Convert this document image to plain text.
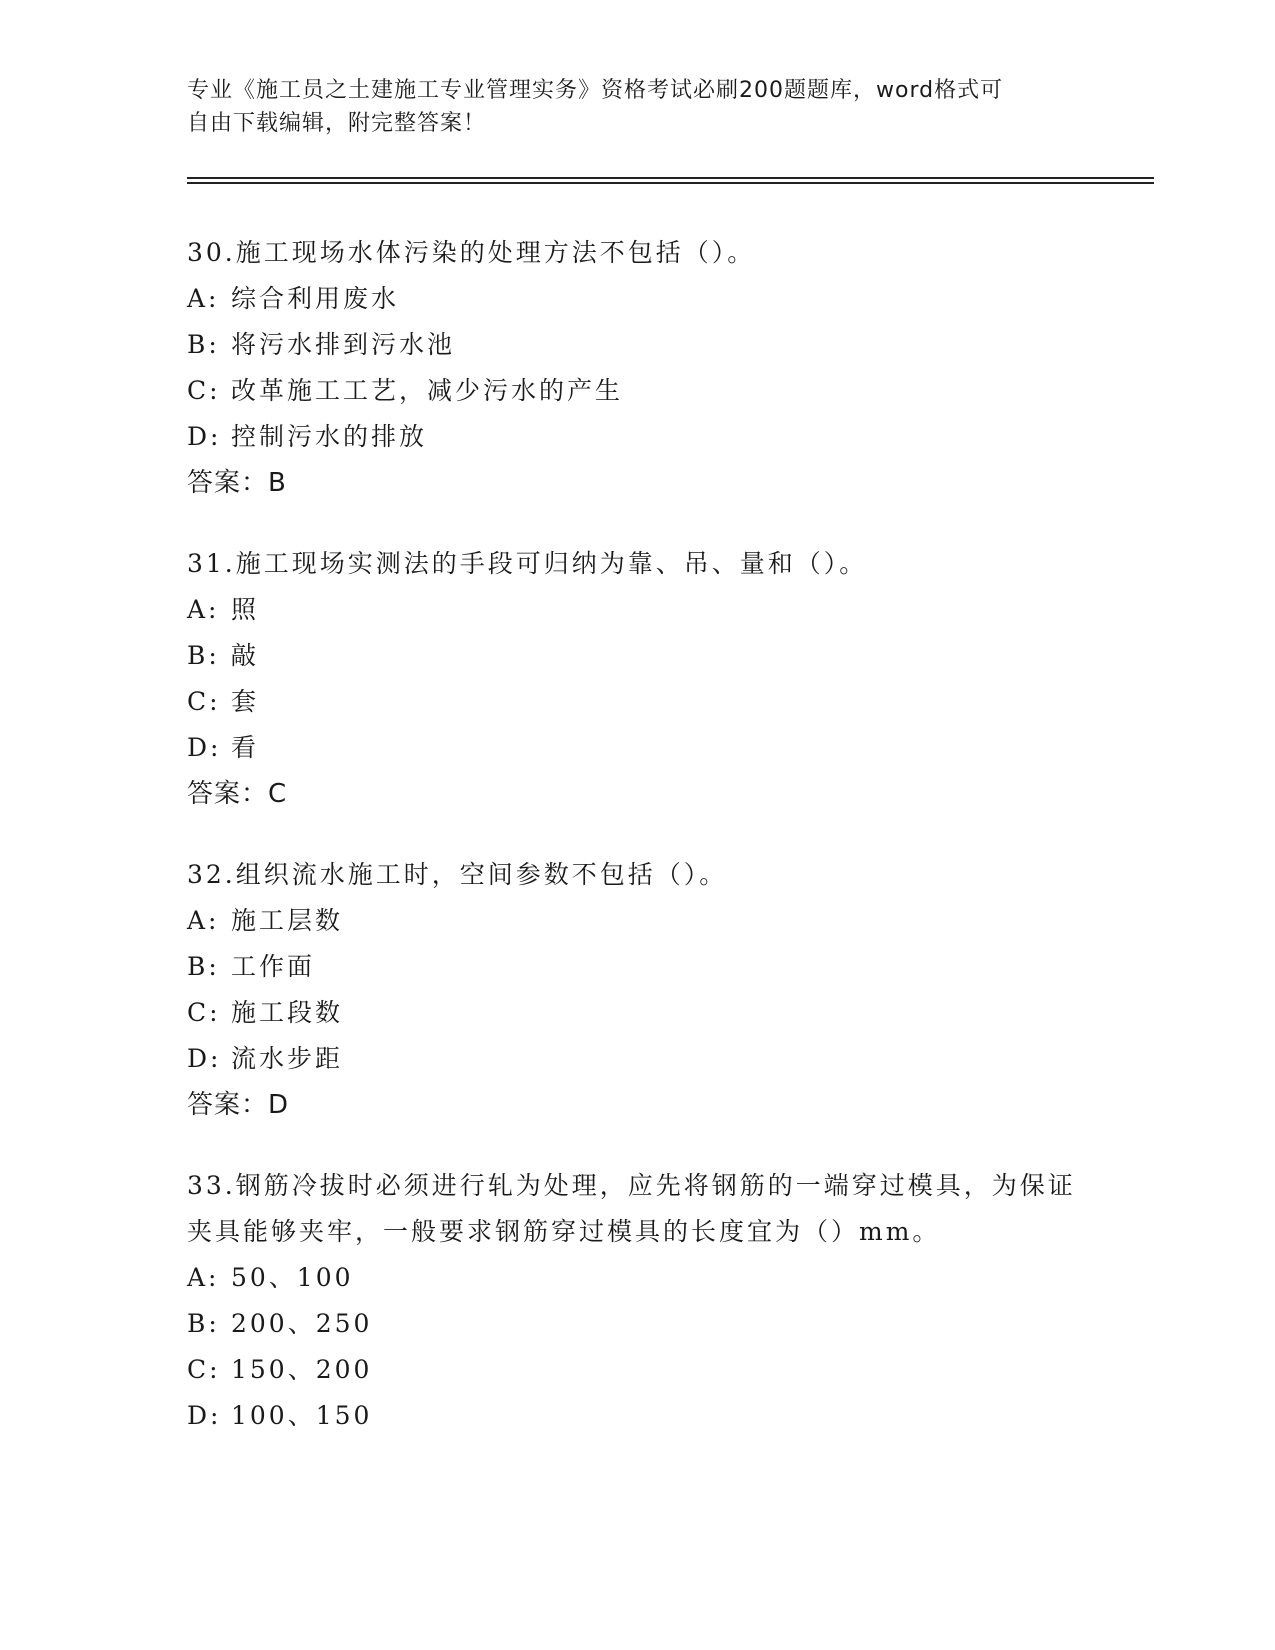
专业《施工员之土建施工专业管理实务》资格考试必刷200题题库，word格式可
自由下载编辑，附完整答案！

30.施工现场水体污染的处理方法不包括（）。

A: 综合利用废水
B: 将污水排到污水池
C: 改革施工工艺，减少污水的产生
D: 控制污水的排放
答案：B

31.施工现场实测法的手段可归纳为靠、吊、量和（）。

A: 照
B: 敲
C: 套
D: 看
答案：C

32.组织流水施工时，空间参数不包括（）。

A: 施工层数
B: 工作面
C: 施工段数
D: 流水步距
答案：D

33.钢筋冷拔时必须进行轧为处理，应先将钢筋的一端穿过模具，为保证夹具能够夹牢，一般要求钢筋穿过模具的长度宜为（）mm。

A: 50、100
B: 200、250
C: 150、200
D: 100、150
